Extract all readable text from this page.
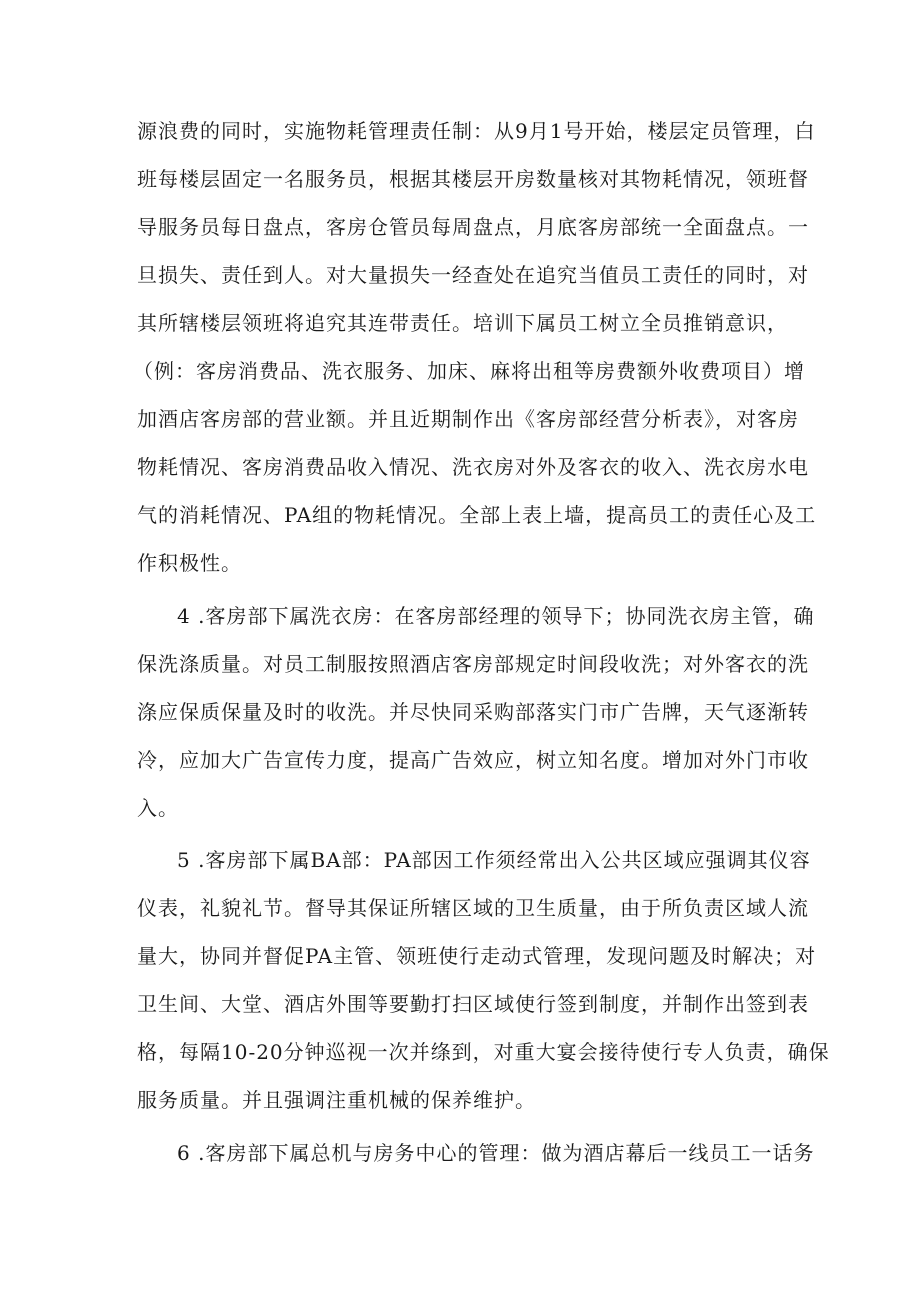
源浪费的同时，实施物耗管理责任制：从9月1号开始，楼层定员管理，白
班每楼层固定一名服务员，根据其楼层开房数量核对其物耗情况，领班督
导服务员每日盘点，客房仓管员每周盘点，月底客房部统一全面盘点。一
旦损失、责任到人。对大量损失一经查处在追究当值员工责任的同时，对
其所辖楼层领班将追究其连带责任。培训下属员工树立全员推销意识，
（例：客房消费品、洗衣服务、加床、麻将出租等房费额外收费项目）增
加酒店客房部的营业额。并且近期制作出《客房部经营分析表》，对客房
物耗情况、客房消费品收入情况、洗衣房对外及客衣的收入、洗衣房水电
气的消耗情况、PA组的物耗情况。全部上表上墙，提高员工的责任心及工
作积极性。
4 .客房部下属洗衣房：在客房部经理的领导下；协同洗衣房主管，确
保洗涤质量。对员工制服按照酒店客房部规定时间段收洗；对外客衣的洗
涤应保质保量及时的收洗。并尽快同采购部落实门市广告牌，天气逐渐转
冷，应加大广告宣传力度，提高广告效应，树立知名度。增加对外门市收
入。
5 .客房部下属BA部：PA部因工作须经常出入公共区域应强调其仪容
仪表，礼貌礼节。督导其保证所辖区域的卫生质量，由于所负责区域人流
量大，协同并督促PA主管、领班使行走动式管理，发现问题及时解决；对
卫生间、大堂、酒店外围等要勤打扫区域使行签到制度，并制作出签到表
格，每隔10-20分钟巡视一次并绦到，对重大宴会接待使行专人负责，确保
服务质量。并且强调注重机械的保养维护。
6 .客房部下属总机与房务中心的管理：做为酒店幕后一线员工一话务
